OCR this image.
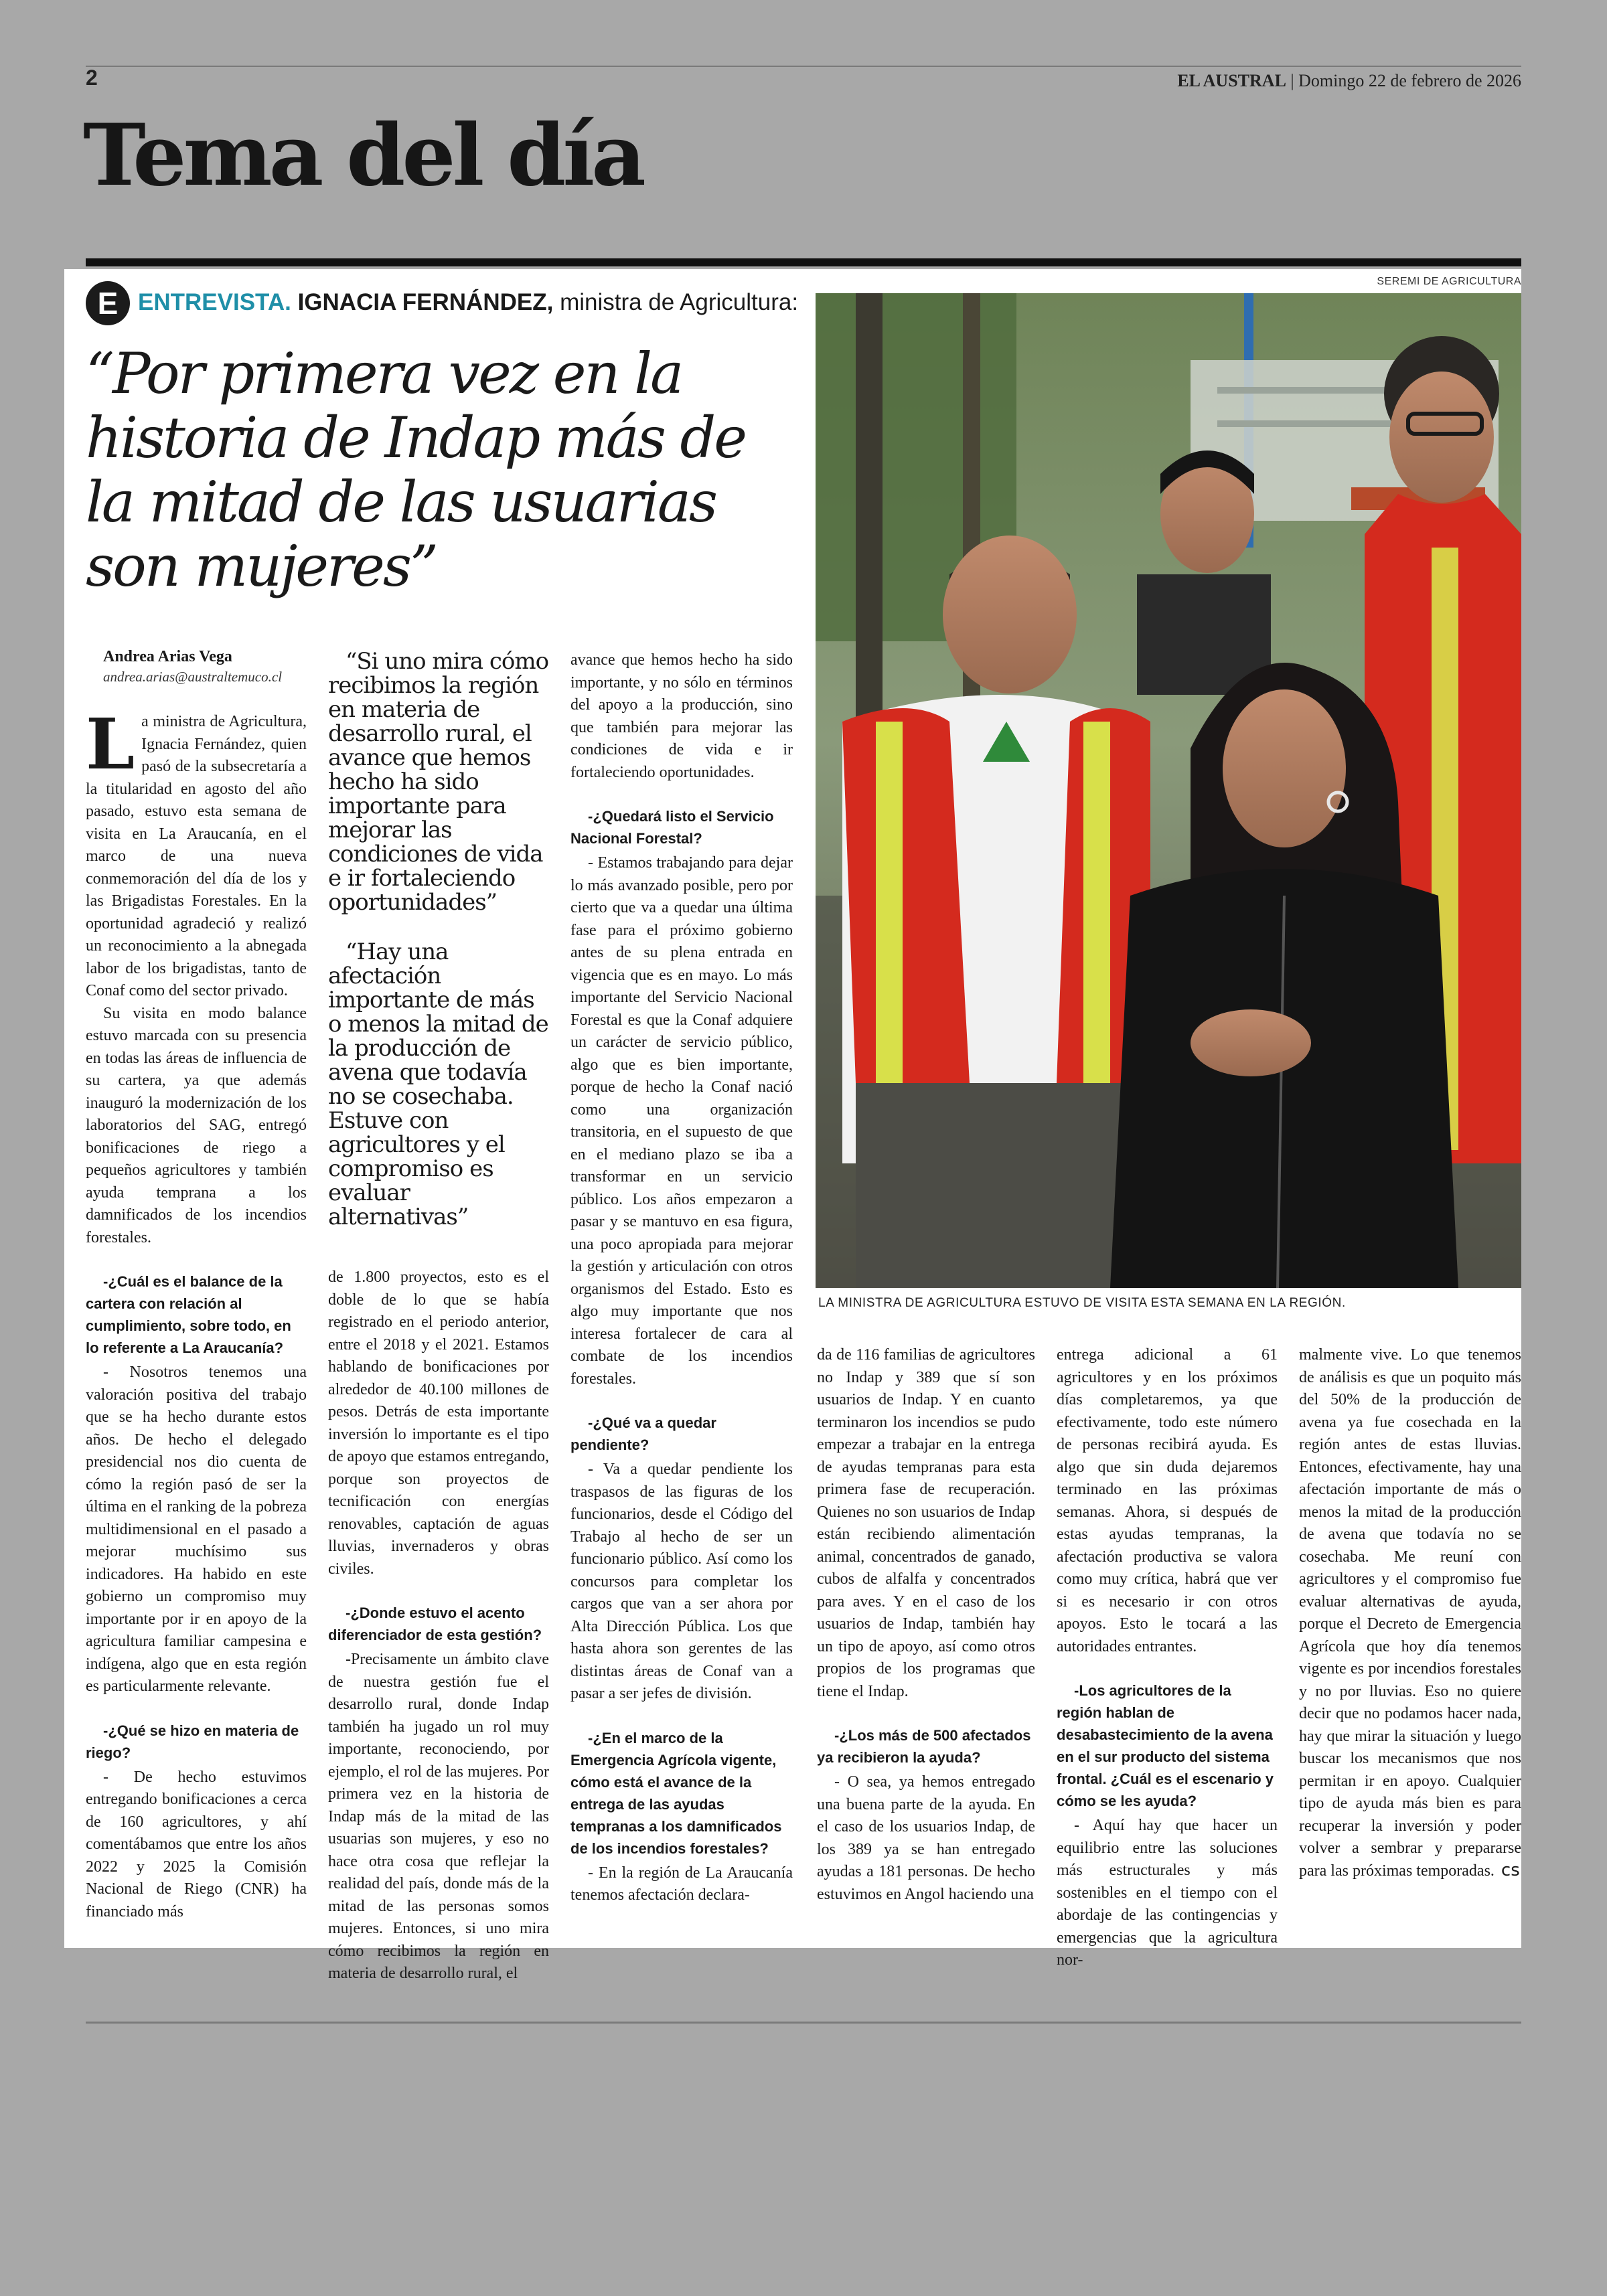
2	EL AUSTRAL | Domingo 22 de febrero de 2026
Tema del día
E ENTREVISTA. IGNACIA FERNÁNDEZ, ministra de Agricultura:
“Por primera vez en la historia de Indap más de la mitad de las usuarias son mujeres”
SEREMI DE AGRICULTURA
LA MINISTRA DE AGRICULTURA ESTUVO DE VISITA ESTA SEMANA EN LA REGIÓN.

Andrea Arias Vega

andrea.arias@australtemuco.cl

La ministra de Agricultura, Ignacia Fernández, quien pasó de la subsecretaría a la titularidad en agosto del año pasado, estuvo esta semana de visita en La Araucanía, en el marco de una nueva conmemoración del día de los y las Brigadistas Forestales. En la oportunidad agradeció y realizó un reconocimiento a la abnegada labor de los brigadistas, tanto de Conaf como del sector privado.

Su visita en modo balance estuvo marcada con su presencia en todas las áreas de influencia de su cartera, ya que además inauguró la modernización de los laboratorios del SAG, entregó bonificaciones de riego a pequeños agricultores y también ayuda temprana a los damnificados de los incendios forestales.

-¿Cuál es el balance de la cartera con relación al cumplimiento, sobre todo, en lo referente a La Araucanía?

- Nosotros tenemos una valoración positiva del trabajo que se ha hecho durante estos años. De hecho el delegado presidencial nos dio cuenta de cómo la región pasó de ser la última en el ranking de la pobreza multidimensional en el pasado a mejorar muchísimo sus indicadores. Ha habido en este gobierno un compromiso muy importante por ir en apoyo de la agricultura familiar campesina e indígena, algo que en esta región es particularmente relevante.

-¿Qué se hizo en materia de riego?

- De hecho estuvimos entregando bonificaciones a cerca de 160 agricultores, y ahí comentábamos que entre los años 2022 y 2025 la Comisión Nacional de Riego (CNR) ha financiado más

“Si uno mira cómo recibimos la región en materia de desarrollo rural, el avance que hemos hecho ha sido importante para mejorar las condiciones de vida e ir fortaleciendo oportunidades”

“Hay una afectación importante de más o menos la mitad de la producción de avena que todavía no se cosechaba. Estuve con agricultores y el compromiso es evaluar alternativas”

de 1.800 proyectos, esto es el doble de lo que se había registrado en el periodo anterior, entre el 2018 y el 2021. Estamos hablando de bonificaciones por alrededor de 40.100 millones de pesos. Detrás de esta importante inversión lo importante es el tipo de apoyo que estamos entregando, porque son proyectos de tecnificación con energías renovables, captación de aguas lluvias, invernaderos y obras civiles.

-¿Donde estuvo el acento diferenciador de esta gestión?

-Precisamente un ámbito clave de nuestra gestión fue el desarrollo rural, donde Indap también ha jugado un rol muy importante, reconociendo, por ejemplo, el rol de las mujeres. Por primera vez en la historia de Indap más de la mitad de las usuarias son mujeres, y eso no hace otra cosa que reflejar la realidad del país, donde más de la mitad de las personas somos mujeres. Entonces, si uno mira cómo recibimos la región en materia de desarrollo rural, el

avance que hemos hecho ha sido importante, y no sólo en términos del apoyo a la producción, sino que también para mejorar las condiciones de vida e ir fortaleciendo oportunidades.

-¿Quedará listo el Servicio Nacional Forestal?

- Estamos trabajando para dejar lo más avanzado posible, pero por cierto que va a quedar una última fase para el próximo gobierno antes de su plena entrada en vigencia que es en mayo. Lo más importante del Servicio Nacional Forestal es que la Conaf adquiere un carácter de servicio público, algo que es bien importante, porque de hecho la Conaf nació como una organización transitoria, en el supuesto de que en el mediano plazo se iba a transformar en un servicio público. Los años empezaron a pasar y se mantuvo en esa figura, una poco apropiada para mejorar la gestión y articulación con otros organismos del Estado. Esto es algo muy importante que nos interesa fortalecer de cara al combate de los incendios forestales.

-¿Qué va a quedar pendiente?

- Va a quedar pendiente los traspasos de las figuras de los funcionarios, desde el Código del Trabajo al hecho de ser un funcionario público. Así como los concursos para completar los cargos que van a ser ahora por Alta Dirección Pública. Los que hasta ahora son gerentes de las distintas áreas de Conaf van a pasar a ser jefes de división.

-¿En el marco de la Emergencia Agrícola vigente, cómo está el avance de la entrega de las ayudas tempranas a los damnificados de los incendios forestales?

- En la región de La Araucanía tenemos afectación declara-

da de 116 familias de agricultores no Indap y 389 que sí son usuarios de Indap. Y en cuanto terminaron los incendios se pudo empezar a trabajar en la entrega de ayudas tempranas para esta primera fase de recuperación. Quienes no son usuarios de Indap están recibiendo alimentación animal, concentrados de ganado, cubos de alfalfa y concentrados para aves. Y en el caso de los usuarios de Indap, también hay un tipo de apoyo, así como otros propios de los programas que tiene el Indap.

-¿Los más de 500 afectados ya recibieron la ayuda?

- O sea, ya hemos entregado una buena parte de la ayuda. En el caso de los usuarios Indap, de los 389 ya se han entregado ayudas a 181 personas. De hecho estuvimos en Angol haciendo una

entrega adicional a 61 agricultores y en los próximos días completaremos, ya que efectivamente, todo este número de personas recibirá ayuda. Es algo que sin duda dejaremos terminado en las próximas semanas. Ahora, si después de estas ayudas tempranas, la afectación productiva se valora como muy crítica, habrá que ver si es necesario ir con otros apoyos. Esto le tocará a las autoridades entrantes.

-Los agricultores de la región hablan de desabastecimiento de la avena en el sur producto del sistema frontal. ¿Cuál es el escenario y cómo se les ayuda?

- Aquí hay que hacer un equilibrio entre las soluciones más estructurales y más sostenibles en el tiempo con el abordaje de las contingencias y emergencias que la agricultura nor-

malmente vive. Lo que tenemos de análisis es que un poquito más del 50% de la producción de avena ya fue cosechada en la región antes de estas lluvias. Entonces, efectivamente, hay una afectación importante de más o menos la mitad de la producción de avena que todavía no se cosechaba. Me reuní con agricultores y el compromiso fue evaluar alternativas de ayuda, porque el Decreto de Emergencia Agrícola que hoy día tenemos vigente es por incendios forestales y no por lluvias. Eso no quiere decir que no podamos hacer nada, hay que mirar la situación y luego buscar los mecanismos que nos permitan ir en apoyo. Cualquier tipo de ayuda más bien es para recuperar la inversión y poder volver a sembrar y prepararse para las próximas temporadas. cs
